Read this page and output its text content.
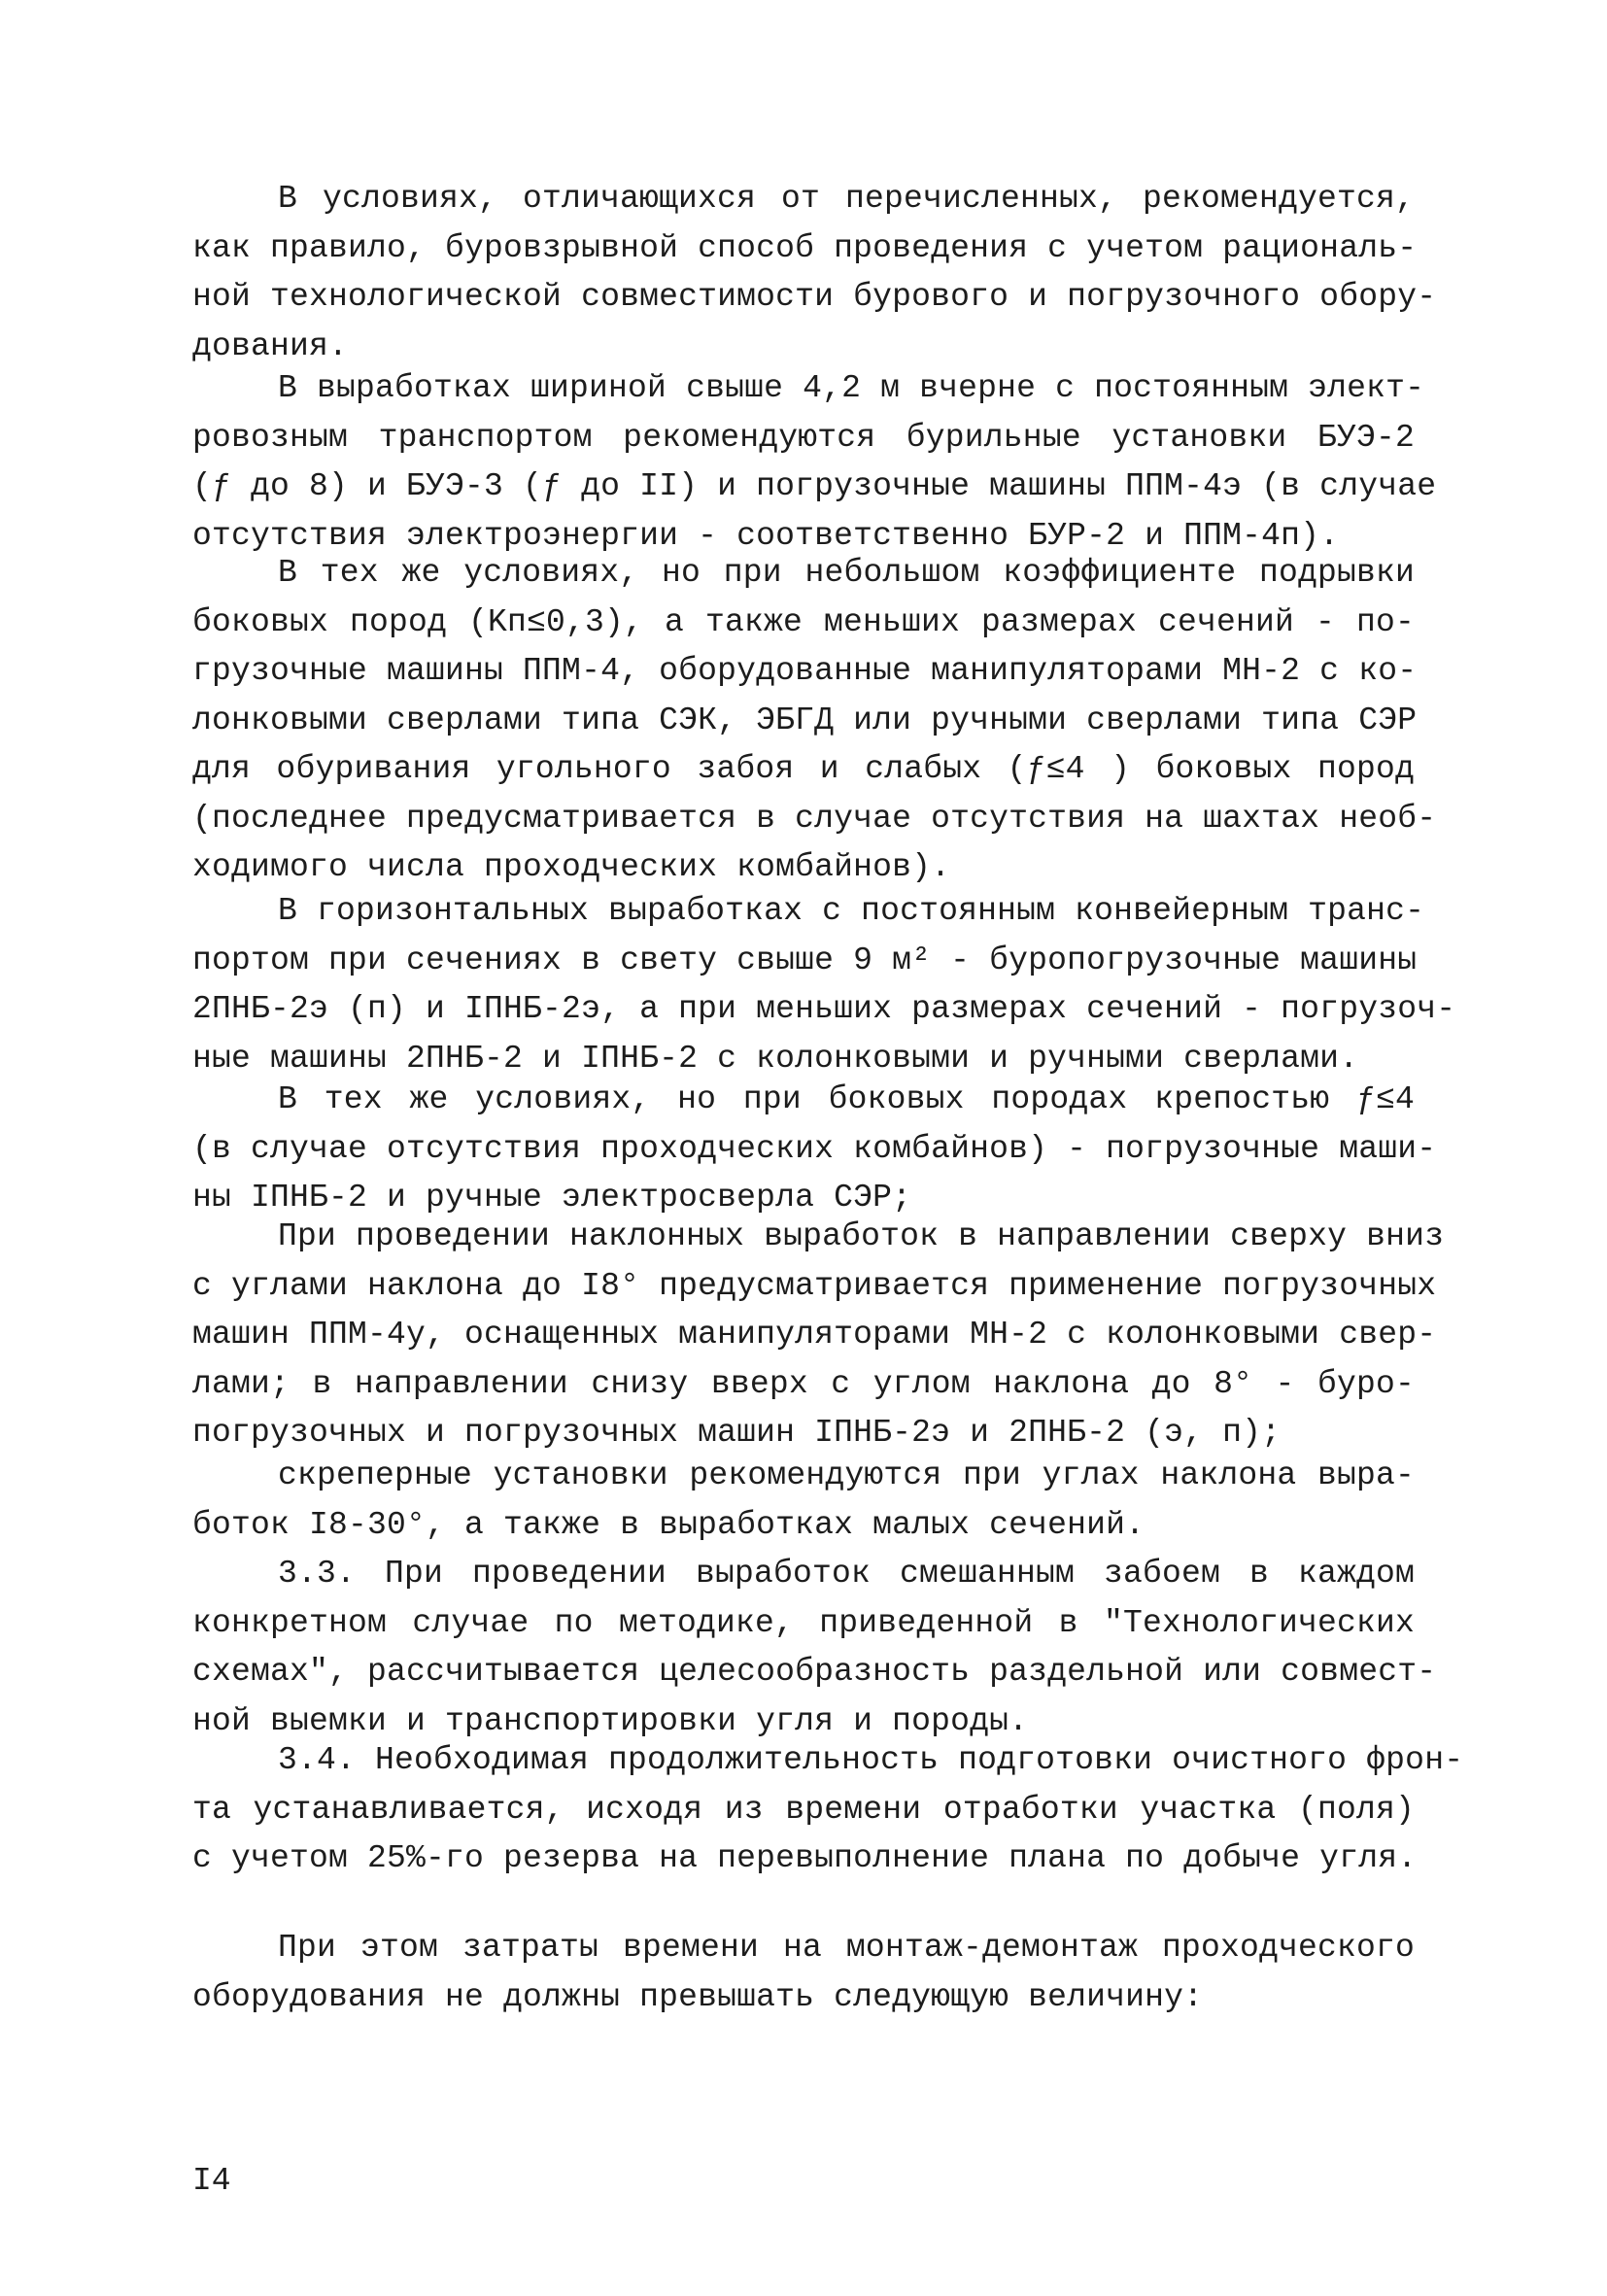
В условиях, отличающихся от перечисленных, рекомендуется,
как правило, буровзрывной способ проведения с учетом рациональ-
ной технологической совместимости бурового и погрузочного обору-
дования.
В выработках шириной свыше 4,2 м вчерне с постоянным элект-
ровозным транспортом рекомендуются бурильные установки БУЭ-2
(ƒ до 8) и БУЭ-3 (ƒ до II) и погрузочные машины ППМ-4э (в случае
отсутствия электроэнергии - соответственно БУР-2 и ППМ-4п).
В тех же условиях, но при небольшом коэффициенте подрывки
боковых пород (Kп≤0,3), а также меньших размерах сечений - по-
грузочные машины ППМ-4, оборудованные манипуляторами МН-2 с ко-
лонковыми сверлами типа СЭК, ЭБГД или ручными сверлами типа СЭР
для обуривания угольного забоя и слабых (ƒ≤4 ) боковых пород
(последнее предусматривается в случае отсутствия на шахтах необ-
ходимого числа проходческих комбайнов).
В горизонтальных выработках с постоянным конвейерным транс-
портом при сечениях в свету свыше 9 м² - буропогрузочные машины
2ПНБ-2э (п) и IПНБ-2э, а при меньших размерах сечений - погрузоч-
ные машины 2ПНБ-2 и IПНБ-2 с колонковыми и ручными сверлами.
В тех же условиях, но при боковых породах крепостью ƒ≤4
(в случае отсутствия проходческих комбайнов) - погрузочные маши-
ны IПНБ-2 и ручные электросверла СЭР;
При проведении наклонных выработок в направлении сверху вниз
с углами наклона до I8° предусматривается применение погрузочных
машин ППМ-4у, оснащенных манипуляторами МН-2 с колонковыми свер-
лами; в направлении снизу вверх с углом наклона до 8° - буро-
погрузочных и погрузочных машин IПНБ-2э и 2ПНБ-2 (э, п);
скреперные установки рекомендуются при углах наклона выра-
боток I8-30°, а также в выработках малых сечений.
3.3. При проведении выработок смешанным забоем в каждом
конкретном случае по методике, приведенной в "Технологических
схемах", рассчитывается целесообразность раздельной или совмест-
ной выемки и транспортировки угля и породы.
3.4. Необходимая продолжительность подготовки очистного фрон-
та устанавливается, исходя из времени отработки участка (поля)
с учетом 25%-го резерва на перевыполнение плана по добыче угля.
При этом затраты времени на монтаж-демонтаж проходческого
оборудования не должны превышать следующую величину:
I4
